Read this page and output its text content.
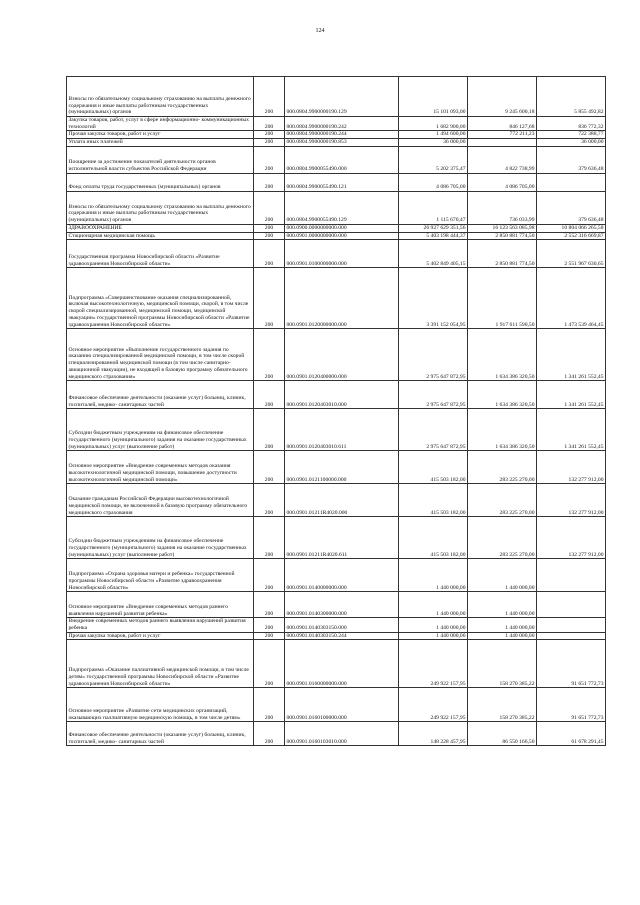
124
Взносы по обязательному социальному страхованию на выплаты денежного содержания и иные выплаты работникам государственных (муниципальных) органов	200	000.0804.9900000190.129	15 101 093,00	9 245 600,18	5 855 492,82
Закупка товаров, работ, услуг в сфере информационно- коммуникационных технологий	200	000.0804.9900000190.242	1 682 900,00	846 127,68	836 772,32
Прочая закупка товаров, работ и услуг	200	000.0804.9900000190.244	1 494 600,00	772 211,23	722 388,77
Уплата иных платежей	200	000.0804.9900000190.853	36 000,00		36 000,00
Поощрение за достижение показателей деятельности органов исполнительной власти субъектов Российской Федерации	200	000.0804.9900055490.000	5 202 375,47	4 822 738,99	379 636,48
Фонд оплаты труда государственных (муниципальных) органов	200	000.0804.9900055490.121	4 086 705,00	4 086 705,00	
Взносы по обязательному социальному страхованию на выплаты денежного содержания и иные выплаты работникам государственных (муниципальных) органов	200	000.0804.9900055490.129	1 115 670,47	736 033,99	379 636,48
ЗДРАВООХРАНЕНИЕ	200	000.0900.0000000000.000	26 927 629 351,56	16 123 563 085,98	10 804 066 265,58
Стационарная медицинская помощь	200	000.0901.0000000000.000	5 403 198 444,37	2 850 881 774,50	2 552 316 669,87
Государственная программа Новосибирской области «Развитие здравоохранения Новосибирской области»	200	000.0901.0100000000.000	5 402 849 405,15	2 850 881 774,50	2 551 967 630,65
Подпрограмма «Совершенствование оказания специализированной, включая высокотехнологичную, медицинской помощи, скорой, в том числе скорой специализированной, медицинской помощи, медицинской эвакуации» государственной программы Новосибирской области «Развитие здравоохранения Новосибирской области»	200	000.0901.0120000000.000	3 391 152 054,95	1 917 611 590,50	1 473 539 464,45
Основное мероприятие «Выполнение государственного задания по оказанию специализированной медицинской помощи, в том числе скорой специализированной медицинской помощи (в том числе санитарно-авиационной эвакуации), не входящей в базовую программу обязательного медицинского страхования»	200	000.0901.0120400000.000	2 975 647 872,95	1 634 386 320,50	1 341 261 552,45
Финансовое обеспечение деятельности (оказание услуг) больниц, клиник, госпиталей, медико- санитарных частей	200	000.0901.0120403010.000	2 975 647 872,95	1 634 386 320,50	1 341 261 552,45
Субсидии бюджетным учреждениям на финансовое обеспечение государственного (муниципального) задания на оказание государственных (муниципальных) услуг (выполнение работ)	200	000.0901.0120403010.611	2 975 647 872,95	1 634 386 320,50	1 341 261 552,45
Основное мероприятие «Внедрение современных методов оказания высокотехнологичной медицинской помощи, повышение доступности высокотехнологичной медицинской помощи»	200	000.0901.0121100000.000	415 503 182,00	283 225 270,00	132 277 912,00
Оказание гражданам Российской Федерации высокотехнологичной медицинской помощи, не включенной в базовую программу обязательного медицинского страхования	200	000.0901.01211R4020.000	415 503 182,00	283 225 270,00	132 277 912,00
Субсидии бюджетным учреждениям на финансовое обеспечение государственного (муниципального) задания на оказание государственных (муниципальных) услуг (выполнение работ)	200	000.0901.01211R4020.611	415 503 182,00	283 225 270,00	132 277 912,00
Подпрограмма «Охрана здоровья матери и ребенка» государственной программы Новосибирской области «Развитие здравоохранения Новосибирской области»	200	000.0901.0140000000.000	1 440 000,00	1 440 000,00	
Основное мероприятие «Внедрение современных методов раннего выявления нарушений развития ребенка»	200	000.0901.0140300000.000	1 440 000,00	1 440 000,00	
Внедрение современных методов раннего выявления нарушений развития ребенка	200	000.0901.0140303150.000	1 440 000,00	1 440 000,00	
Прочая закупка товаров, работ и услуг	200	000.0901.0140303150.244	1 440 000,00	1 440 000,00	
Подпрограмма «Оказание паллиативной медицинской помощи, в том числе детям» государственной программы Новосибирской области «Развитие здравоохранения Новосибирской области»	200	000.0901.0160000000.000	249 922 157,95	158 270 385,22	91 651 772,73
Основное мероприятие «Развитие сети медицинских организаций, оказывающих паллиативную медицинскую помощь, в том числе детям»	200	000.0901.0160100000.000	249 922 157,95	158 270 385,22	91 651 772,73
Финансовое обеспечение деятельности (оказание услуг) больниц, клиник, госпиталей, медико- санитарных частей	200	000.0901.0160103010.000	148 228 457,95	86 550 166,50	61 678 291,45
